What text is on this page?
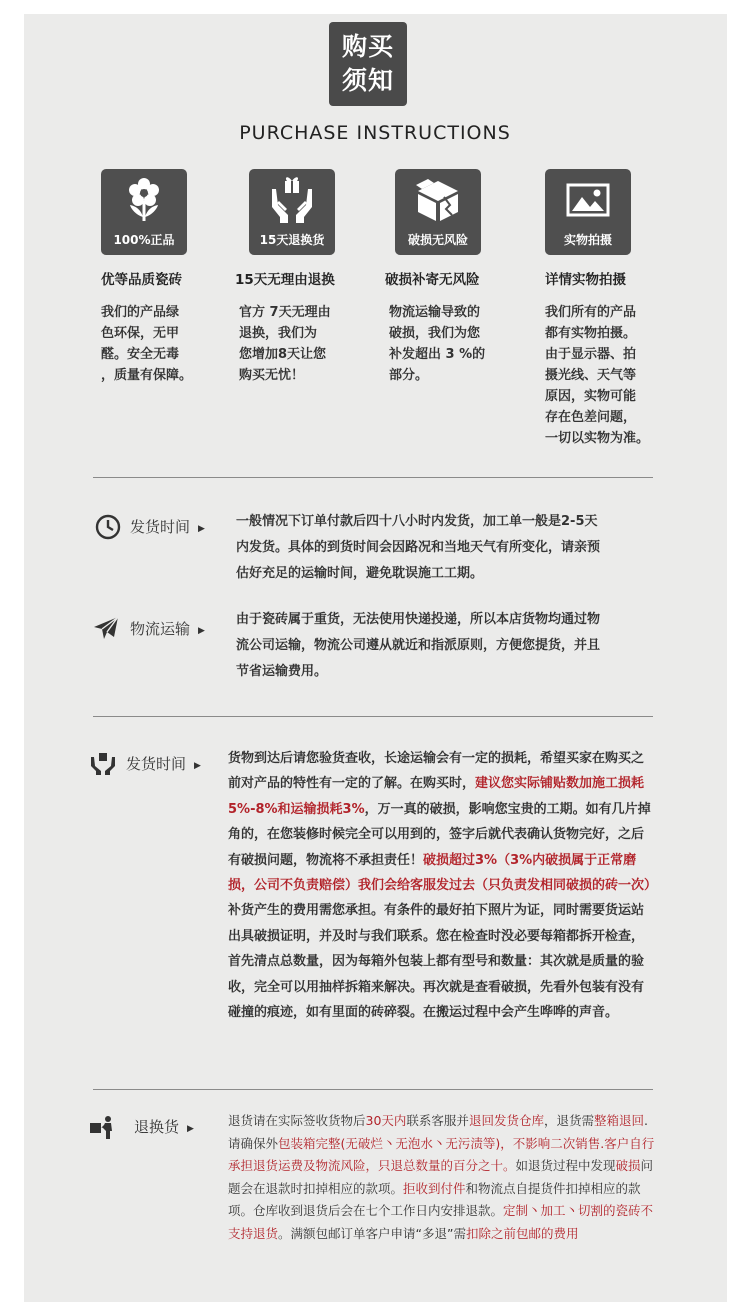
购买
须知
PURCHASE INSTRUCTIONS
100%正品
优等品质瓷砖
我们的产品绿
色环保，无甲
醛。安全无毒
，质量有保障。
15天退换货
15天无理由退换
官方 7天无理由
退换，我们为
您增加8天让您
购买无忧！
破损无风险
破损补寄无风险
物流运输导致的
破损，我们为您
补发超出 3 %的
部分。
实物拍摄
详情实物拍摄
我们所有的产品
都有实物拍摄。
由于显示器、拍
摄光线、天气等
原因，实物可能
存在色差问题，
一切以实物为准。
发货时间 ▶ 一般情况下订单付款后四十八小时内发货，加工单一般是2-5天
内发货。具体的到货时间会因路况和当地天气有所变化，请亲预
估好充足的运输时间，避免耽误施工工期。
物流运输 ▶
由于瓷砖属于重货，无法使用快递投递，所以本店货物均通过物
流公司运输，物流公司遵从就近和指派原则，方便您提货，并且
节省运输费用。
发货时间 ▶ 货物到达后请您验货查收，长途运输会有一定的损耗，希望买家在购买之前对产品的特性有一定的了解。在购买时，建议您实际铺贴数加施工损耗5%-8%和运输损耗3%，万一真的破损，影响您宝贵的工期。如有几片掉角的，在您装修时候完全可以用到的，签字后就代表确认货物完好，之后有破损问题，物流将不承担责任！破损超过3%（3%内破损属于正常磨损，公司不负责赔偿）我们会给客服发过去（只负责发相同破损的砖一次）补货产生的费用需您承担。有条件的最好拍下照片为证，同时需要货运站出具破损证明，并及时与我们联系。您在检查时没必要每箱都拆开检查，首先清点总数量，因为每箱外包装上都有型号和数量：其次就是质量的验收，完全可以用抽样拆箱来解决。再次就是查看破损，先看外包装有没有碰撞的痕迹，如有里面的砖碎裂。在搬运过程中会产生哗哗的声音。
退换货 ▶
退货请在实际签收货物后30天内联系客服并退回发货仓库，退货需整箱退回.请确保外包装箱完整(无破烂丶无泡水丶无污渍等)，不影响二次销售.客户自行承担退货运费及物流风险，只退总数量的百分之十。如退货过程中发现破损问题会在退款时扣掉相应的款项。拒收到付件和物流点自提货件扣掉相应的款项。仓库收到退货后会在七个工作日内安排退款。定制丶加工丶切割的瓷砖不支持退货。满额包邮订单客户申请“多退”需扣除之前包邮的费用
